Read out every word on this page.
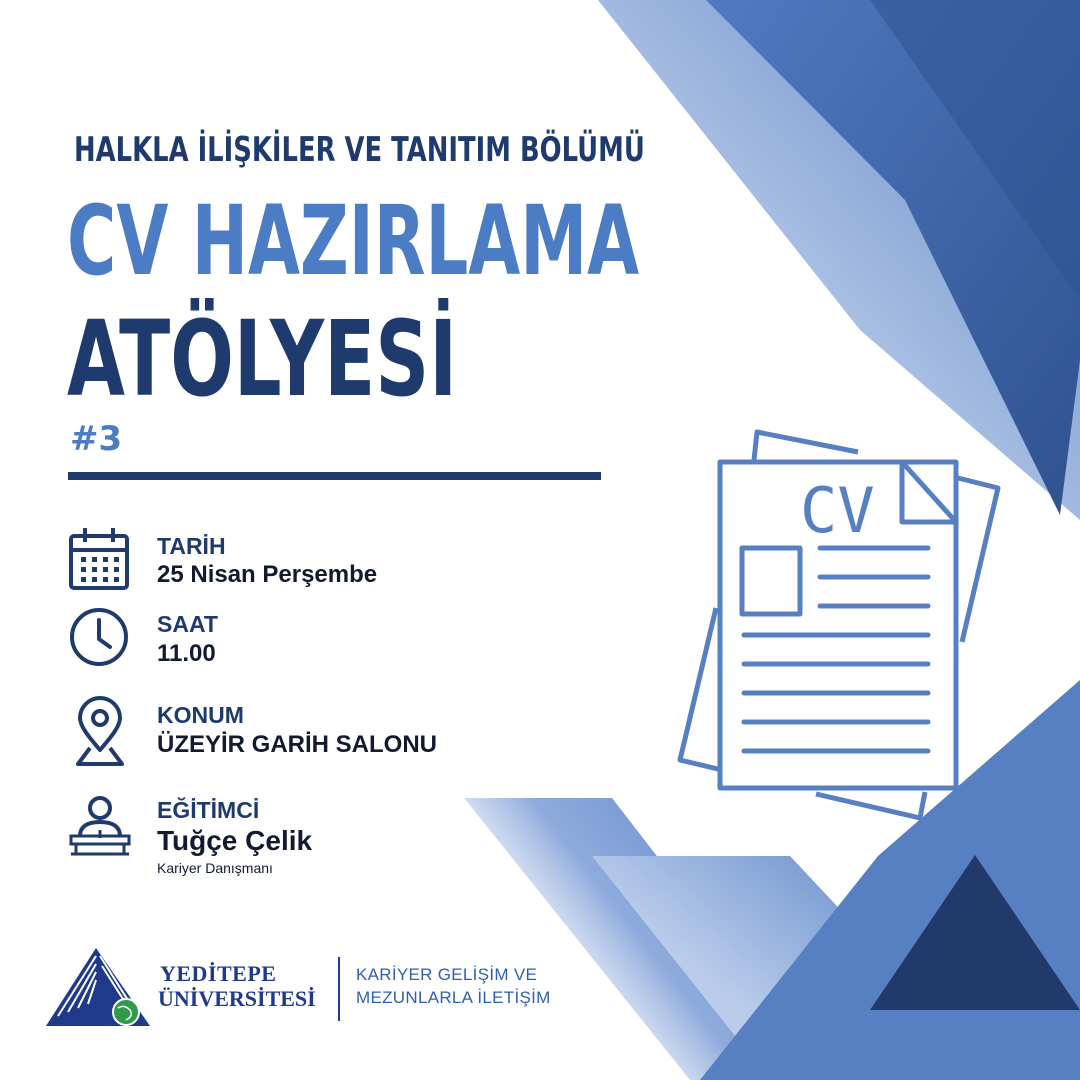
HALKLA İLİŞKİLER VE TANITIM BÖLÜMÜ
CV HAZIRLAMA
ATÖLYESİ
#3
TARİH
25 Nisan Perşembe
SAAT
11.00
KONUM
ÜZEYİR GARİH SALONU
EĞİTİMCİ
Tuğçe Çelik
Kariyer Danışmanı
CV
YEDİTEPE
ÜNİVERSİTESİ
KARİYER GELİŞİM VE
MEZUNLARLA İLETİŞİM
